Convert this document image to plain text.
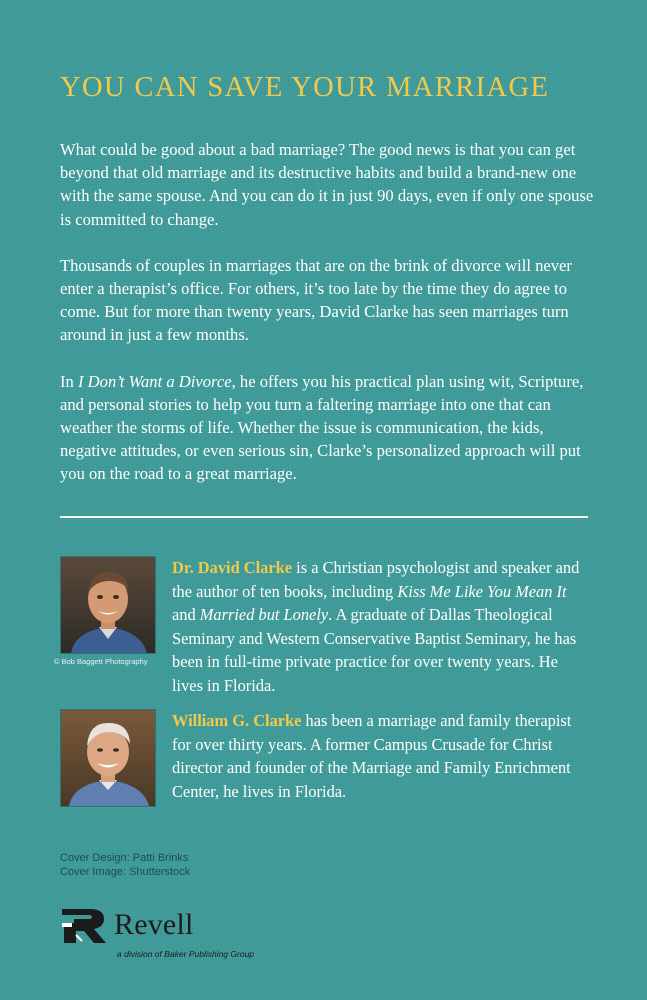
YOU CAN SAVE YOUR MARRIAGE

What could be good about a bad marriage? The good news is that you can get beyond that old marriage and its destructive habits and build a brand-new one with the same spouse. And you can do it in just 90 days, even if only one spouse is committed to change.

Thousands of couples in marriages that are on the brink of divorce will never enter a therapist’s office. For others, it’s too late by the time they do agree to come. But for more than twenty years, David Clarke has seen marriages turn around in just a few months.

In I Don’t Want a Divorce, he offers you his practical plan using wit, Scripture, and personal stories to help you turn a faltering marriage into one that can weather the storms of life. Whether the issue is communication, the kids, negative attitudes, or even serious sin, Clarke’s personalized approach will put you on the road to a great marriage.

© Bob Baggett Photography
Dr. David Clarke is a Christian psychologist and speaker and the author of ten books, including Kiss Me Like You Mean It and Married but Lonely. A graduate of Dallas Theological Seminary and Western Conservative Baptist Seminary, he has been in full-time private practice for over twenty years. He lives in Florida.
William G. Clarke has been a marriage and family therapist for over thirty years. A former Campus Crusade for Christ director and founder of the Marriage and Family Enrichment Center, he lives in Florida.
Cover Design: Patti Brinks
Cover Image: Shutterstock
Revell
a division of Baker Publishing Group
